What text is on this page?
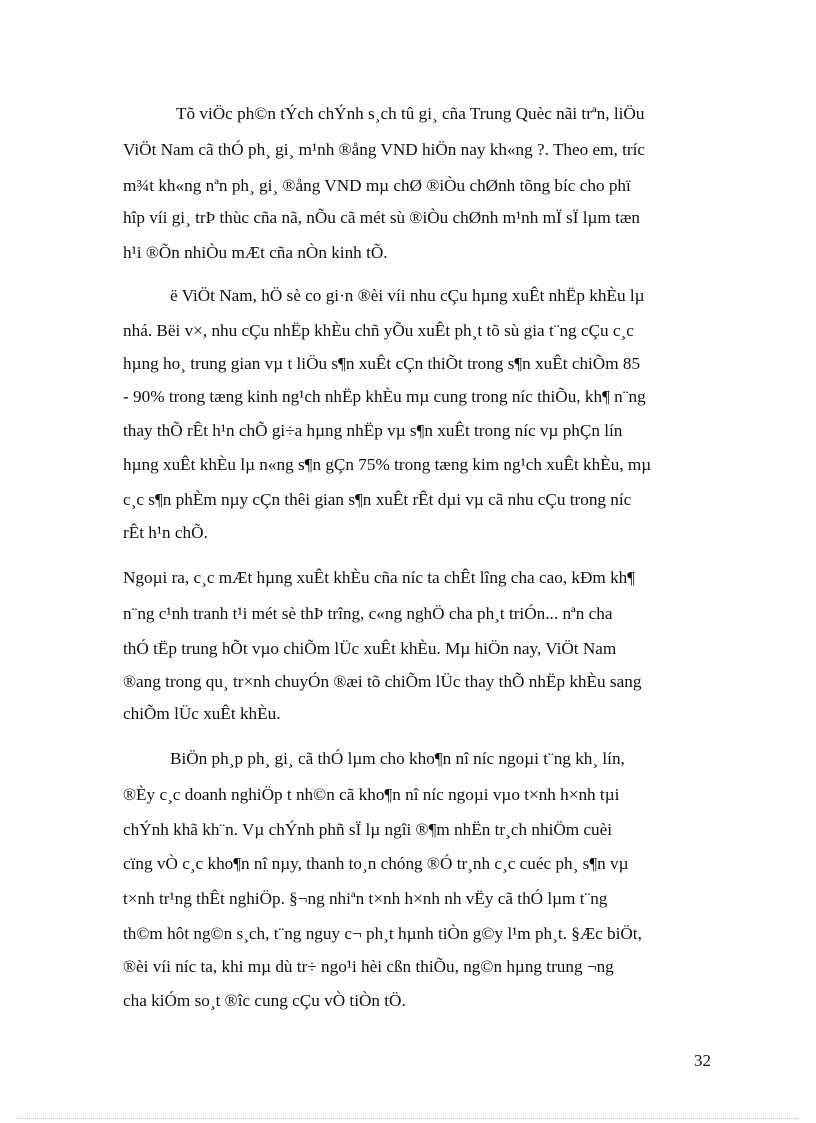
Tõ viÖc ph©n tÝch chÝnh s¸ch tû gi¸ cña Trung Quèc nãi trªn, liÖu
ViÖt Nam cã thÓ ph¸ gi¸ m¹nh ®ång VND hiÖn nay kh«ng ?. Theo em, tríc
m¾t kh«ng nªn ph¸ gi¸ ®ång VND mµ chØ ®iÒu chØnh tõng bíc cho phï
hîp víi gi¸ trÞ thùc cña nã, nÕu cã mét sù ®iÒu chØnh m¹nh mÏ sÏ lµm tæn
h¹i ®Õn nhiÒu mÆt cña nÒn kinh tÕ.
ë ViÖt Nam, hÖ sè co gi·n ®èi víi nhu cÇu hµng xuÊt nhËp khÈu lµ
nhá. Bëi v×, nhu cÇu nhËp khÈu chñ yÕu xuÊt ph¸t tõ sù gia t¨ng cÇu c¸c
hµng ho¸ trung gian vµ t liÖu s¶n xuÊt cÇn thiÕt trong s¶n xuÊt chiÕm 85
- 90% trong tæng kinh ng¹ch nhËp khÈu mµ cung trong níc thiÕu, kh¶ n¨ng
thay thÕ rÊt h¹n chÕ gi÷a hµng nhËp vµ s¶n xuÊt trong níc vµ phÇn lín
hµng xuÊt khÈu lµ n«ng s¶n gÇn 75% trong tæng kim ng¹ch xuÊt khÈu, mµ
c¸c s¶n phÈm nµy cÇn thêi gian s¶n xuÊt rÊt dµi vµ cã nhu cÇu trong níc
rÊt h¹n chÕ.
Ngoµi ra, c¸c mÆt hµng xuÊt khÈu cña níc ta chÊt lîng cha cao, kÐm kh¶
n¨ng c¹nh tranh t¹i mét sè thÞ trîng, c«ng nghÖ cha ph¸t triÓn... nªn cha
thÓ tËp trung hÕt vµo chiÕm lÜc xuÊt khÈu. Mµ hiÖn nay, ViÖt Nam
®ang trong qu¸ tr×nh chuyÓn ®æi tõ chiÕm lÜc thay thÕ nhËp khÈu sang
chiÕm lÜc xuÊt khÈu.
BiÖn ph¸p ph¸ gi¸ cã thÓ lµm cho kho¶n nî níc ngoµi t¨ng kh¸ lín,
®Èy c¸c doanh nghiÖp t nh©n cã kho¶n nî níc ngoµi vµo t×nh h×nh tµi
chÝnh khã kh¨n. Vµ chÝnh phñ sÏ lµ ngîi ®¶m nhËn tr¸ch nhiÖm cuèi
cïng vÒ c¸c kho¶n nî nµy, thanh to¸n chóng ®Ó tr¸nh c¸c cuéc ph¸ s¶n vµ
t×nh tr¹ng thÊt nghiÖp. §¬ng nhiªn t×nh h×nh nh vËy cã thÓ lµm t¨ng
th©m hôt ng©n s¸ch, t¨ng nguy c¬ ph¸t hµnh tiÒn g©y l¹m ph¸t. §Æc biÖt,
®èi víi níc ta, khi mµ dù tr÷ ngo¹i hèi cßn thiÕu, ng©n hµng trung ¬ng
cha kiÓm so¸t ®îc cung cÇu vÒ tiÒn tÖ.
32
